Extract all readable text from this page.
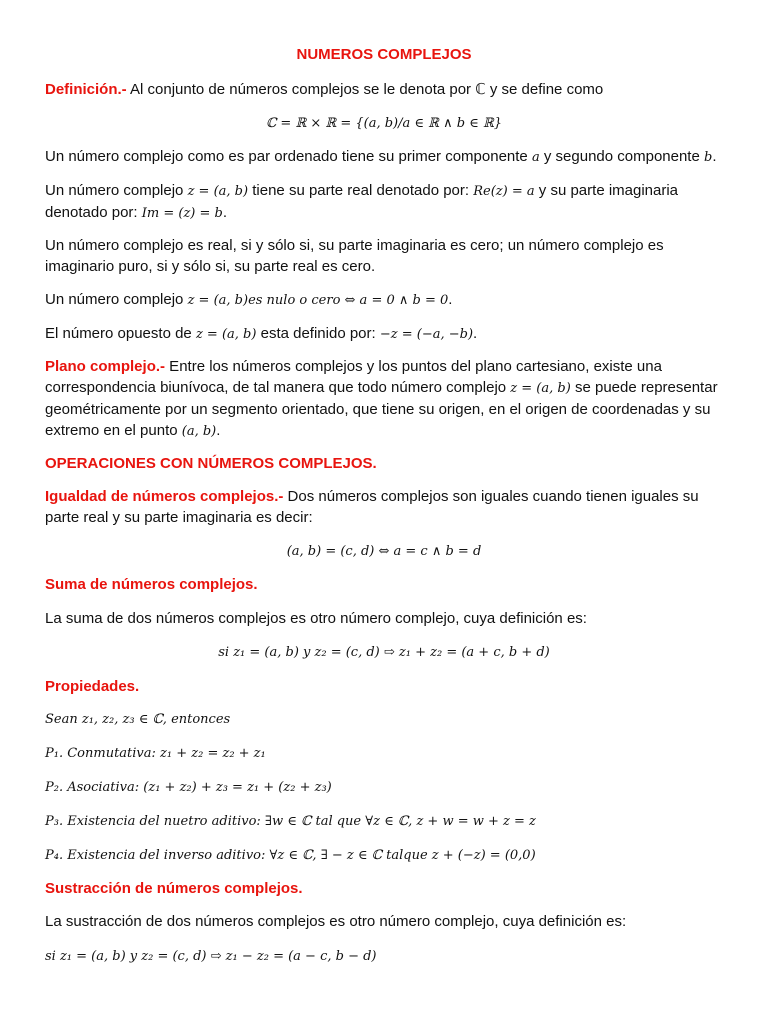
NUMEROS COMPLEJOS

Definición.- Al conjunto de números complejos se le denota por ℂ y se define como

ℂ = ℝ × ℝ = {(a, b)/a ∈ ℝ ∧ b ∈ ℝ}

Un número complejo como es par ordenado tiene su primer componente a y segundo componente b.

Un número complejo z = (a, b) tiene su parte real denotado por: Re(z) = a y su parte imaginaria denotado por: Im = (z) = b.

Un número complejo es real, si y sólo si, su parte imaginaria es cero; un número complejo es imaginario puro, si y sólo si, su parte real es cero.

Un número complejo z = (a, b)es nulo o cero ⇔ a = 0 ∧ b = 0.

El número opuesto de z = (a, b) esta definido por: −z = (−a, −b).

Plano complejo.- Entre los números complejos y los puntos del plano cartesiano, existe una correspondencia biunívoca, de tal manera que todo número complejo z = (a, b) se puede representar geométricamente por un segmento orientado, que tiene su origen, en el origen de coordenadas y su extremo en el punto (a, b).

OPERACIONES CON NÚMEROS COMPLEJOS.

Igualdad de números complejos.- Dos números complejos son iguales cuando tienen iguales su parte real y su parte imaginaria es decir:

(a, b) = (c, d) ⇔ a = c ∧ b = d

Suma de números complejos.

La suma de dos números complejos es otro número complejo, cuya definición es:

si z₁ = (a, b) y z₂ = (c, d) ⇨ z₁ + z₂ = (a + c, b + d)

Propiedades.

Sean z₁, z₂, z₃ ∈ ℂ, entonces

P₁. Conmutativa: z₁ + z₂ = z₂ + z₁

P₂. Asociativa: (z₁ + z₂) + z₃ = z₁ + (z₂ + z₃)

P₃. Existencia del nuetro aditivo: ∃w ∈ ℂ tal que ∀z ∈ ℂ, z + w = w + z = z

P₄. Existencia del inverso aditivo: ∀z ∈ ℂ, ∃ − z ∈ ℂ talque z + (−z) = (0,0)

Sustracción de números complejos.

La sustracción de dos números complejos es otro número complejo, cuya definición es:

si z₁ = (a, b) y z₂ = (c, d) ⇨ z₁ − z₂ = (a − c, b − d)
